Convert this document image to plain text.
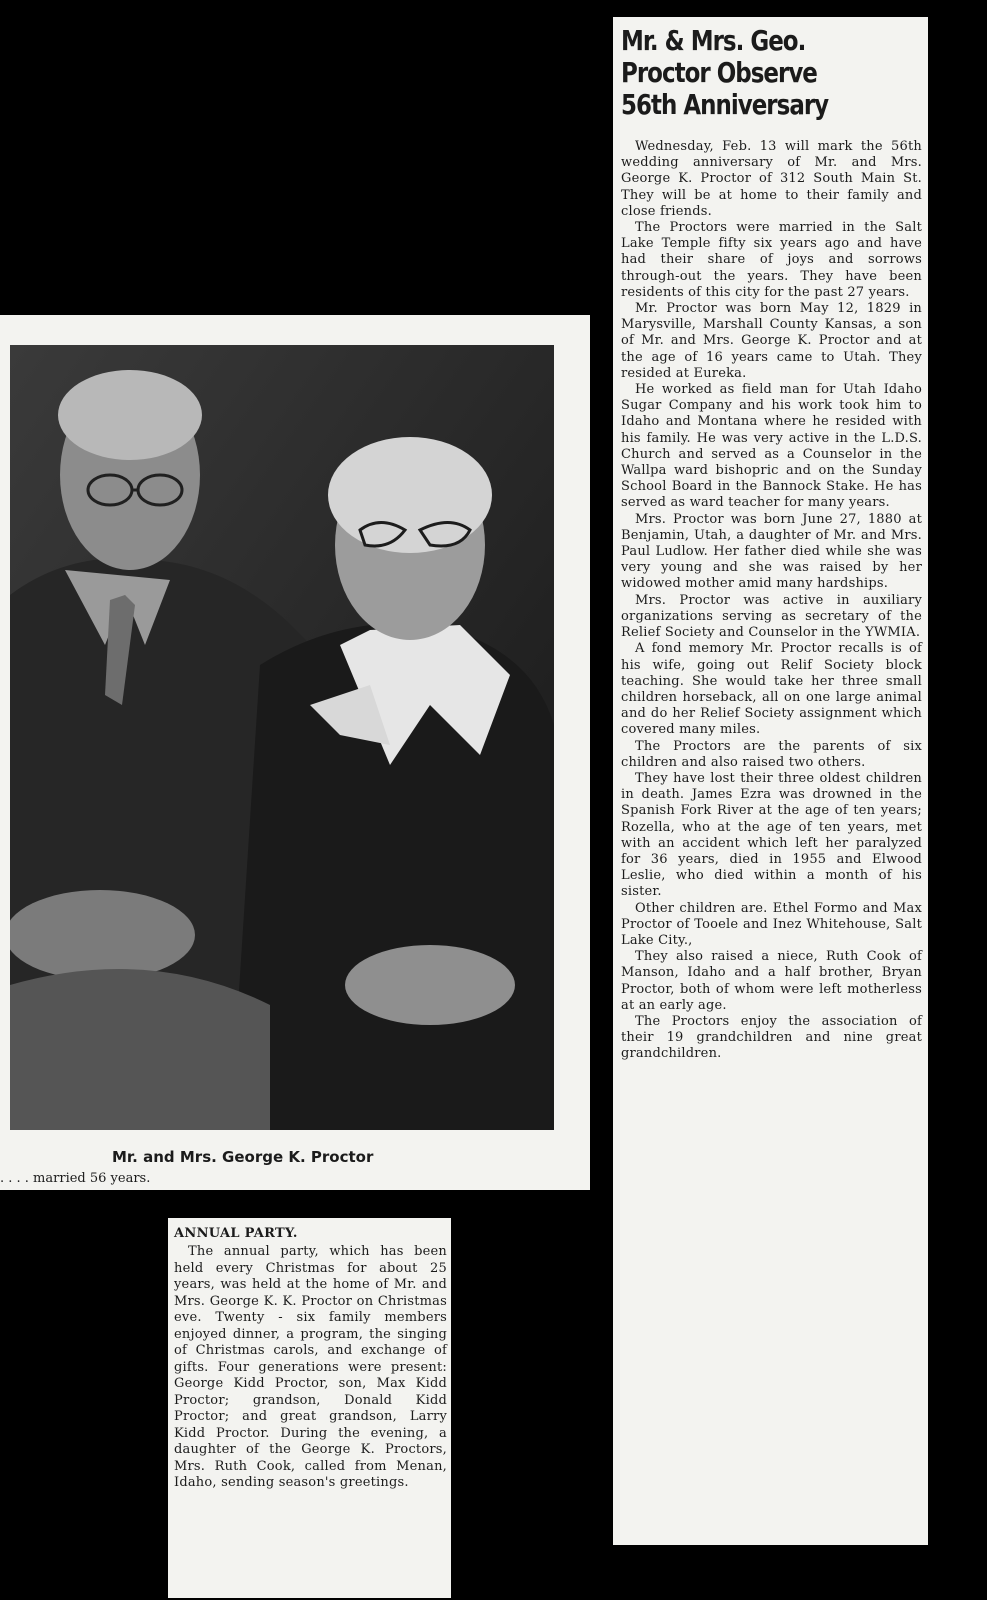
Mr. and Mrs. George K. Proctor
. . . . married 56 years.
Mr. & Mrs. Geo.
Proctor Observe
56th Anniversary

Wednesday, Feb. 13 will mark the 56th wedding anniversary of Mr. and Mrs. George K. Proctor of 312 South Main St. They will be at home to their family and close friends.

The Proctors were married in the Salt Lake Temple fifty six years ago and have had their share of joys and sorrows through-out the years. They have been residents of this city for the past 27 years.

Mr. Proctor was born May 12, 1829 in Marysville, Marshall County Kansas, a son of Mr. and Mrs. George K. Proctor and at the age of 16 years came to Utah. They resided at Eureka.

He worked as field man for Utah Idaho Sugar Company and his work took him to Idaho and Montana where he resided with his family. He was very active in the L.D.S. Church and served as a Counselor in the Wallpa ward bishopric and on the Sunday School Board in the Bannock Stake. He has served as ward teacher for many years.

Mrs. Proctor was born June 27, 1880 at Benjamin, Utah, a daughter of Mr. and Mrs. Paul Ludlow. Her father died while she was very young and she was raised by her widowed mother amid many hardships.

Mrs. Proctor was active in auxiliary organizations serving as secretary of the Relief Society and Counselor in the YWMIA.

A fond memory Mr. Proctor recalls is of his wife, going out Relif Society block teaching. She would take her three small children horseback, all on one large animal and do her Relief Society assignment which covered many miles.

The Proctors are the parents of six children and also raised two others.

They have lost their three oldest children in death. James Ezra was drowned in the Spanish Fork River at the age of ten years; Rozella, who at the age of ten years, met with an accident which left her paralyzed for 36 years, died in 1955 and Elwood Leslie, who died within a month of his sister.

Other children are. Ethel Formo and Max Proctor of Tooele and Inez Whitehouse, Salt Lake City.,

They also raised a niece, Ruth Cook of Manson, Idaho and a half brother, Bryan Proctor, both of whom were left motherless at an early age.

The Proctors enjoy the association of their 19 grandchildren and nine great grandchildren.

ANNUAL PARTY.

The annual party, which has been held every Christmas for about 25 years, was held at the home of Mr. and Mrs. George K. K. Proctor on Christmas eve. Twenty - six family members enjoyed dinner, a program, the singing of Christmas carols, and exchange of gifts. Four generations were present: George Kidd Proctor, son, Max Kidd Proctor; grandson, Donald Kidd Proctor; and great grandson, Larry Kidd Proctor. During the evening, a daughter of the George K. Proctors, Mrs. Ruth Cook, called from Menan, Idaho, sending season's greetings.
